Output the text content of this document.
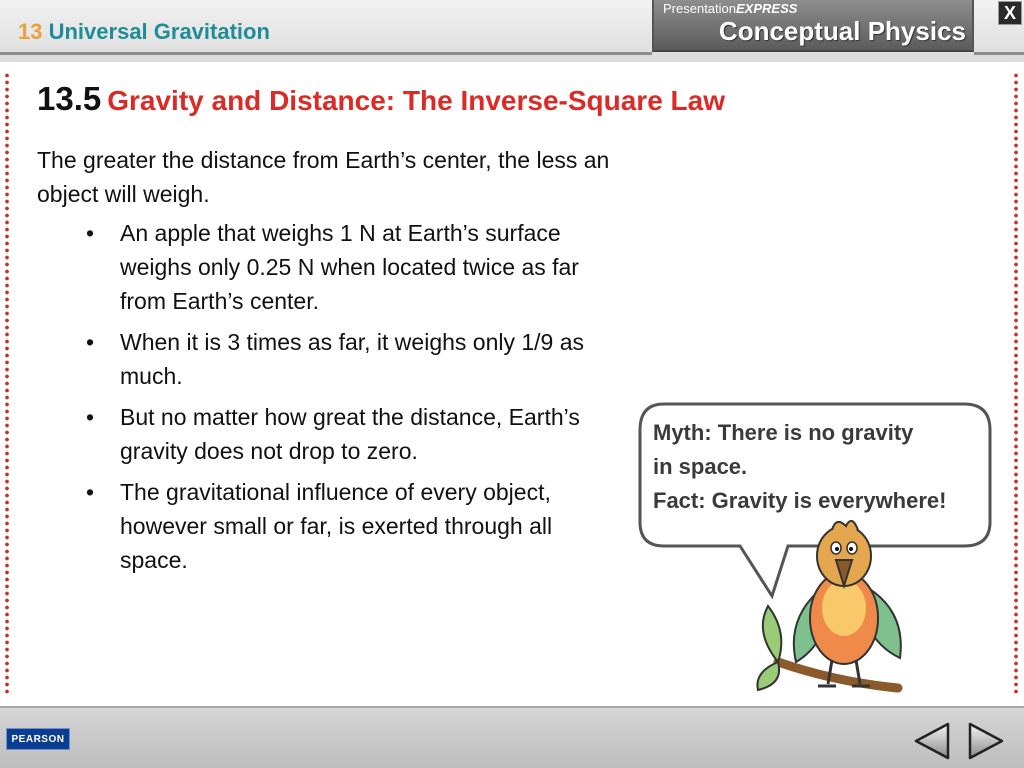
13 Universal Gravitation
PresentationEXPRESS
Conceptual Physics
X
13.5 Gravity and Distance: The Inverse-Square Law
The greater the distance from Earth’s center, the less an object will weigh.
• An apple that weighs 1 N at Earth’s surface weighs only 0.25 N when located twice as far from Earth’s center.
• When it is 3 times as far, it weighs only 1/9 as much.
• But no matter how great the distance, Earth’s gravity does not drop to zero.
• The gravitational influence of every object, however small or far, is exerted through all space.
Myth: There is no gravity
in space.
Fact: Gravity is everywhere!
PEARSON
